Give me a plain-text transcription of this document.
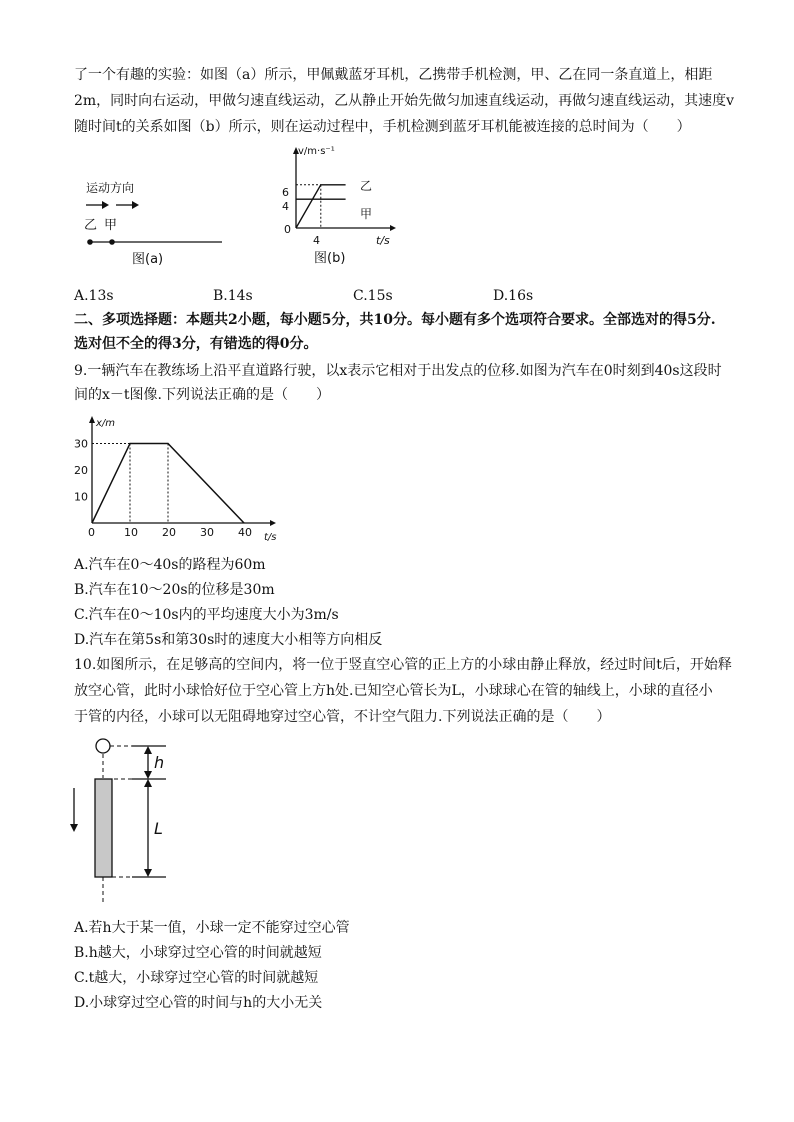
了一个有趣的实验：如图（a）所示，甲佩戴蓝牙耳机，乙携带手机检测，甲、乙在同一条直道上，相距
2m，同时向右运动，甲做匀速直线运动，乙从静止开始先做匀加速直线运动，再做匀速直线运动，其速度v
随时间t的关系如图（b）所示，则在运动过程中，手机检测到蓝牙耳机能被连接的总时间为（　　）
运动方向
乙 甲
图(a)
v/m·s⁻¹
t/s
6
4
0
4
乙
甲
图(b)
A.13s	B.14s	C.15s	D.16s
二、多项选择题：本题共2小题，每小题5分，共10分。每小题有多个选项符合要求。全部选对的得5分.
选对但不全的得3分，有错选的得0分。
9.一辆汽车在教练场上沿平直道路行驶，以x表示它相对于出发点的位移.如图为汽车在0时刻到40s这段时
间的x－t图像.下列说法正确的是（　　）
x/m
t/s
0
10
20
30
10 20 30 40
A.汽车在0～40s的路程为60m
B.汽车在10～20s的位移是30m
C.汽车在0～10s内的平均速度大小为3m/s
D.汽车在第5s和第30s时的速度大小相等方向相反
10.如图所示，在足够高的空间内，将一位于竖直空心管的正上方的小球由静止释放，经过时间t后，开始释
放空心管，此时小球恰好位于空心管上方h处.已知空心管长为L，小球球心在管的轴线上，小球的直径小
于管的内径，小球可以无阻碍地穿过空心管，不计空气阻力.下列说法正确的是（　　）
h
L
A.若h大于某一值，小球一定不能穿过空心管
B.h越大，小球穿过空心管的时间就越短
C.t越大，小球穿过空心管的时间就越短
D.小球穿过空心管的时间与h的大小无关
